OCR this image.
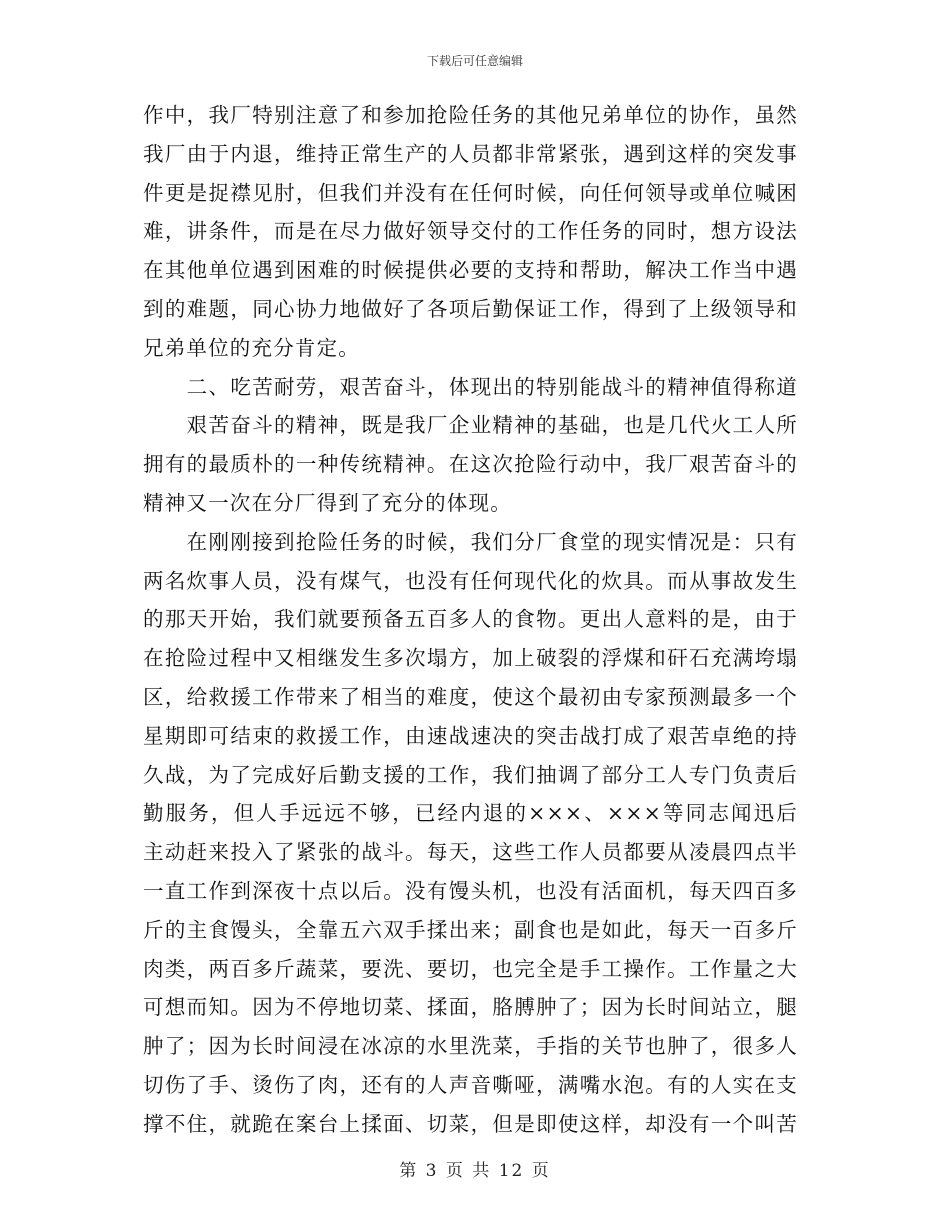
下载后可任意编辑
作中，我厂特别注意了和参加抢险任务的其他兄弟单位的协作，虽然
我厂由于内退，维持正常生产的人员都非常紧张，遇到这样的突发事
件更是捉襟见肘，但我们并没有在任何时候，向任何领导或单位喊困
难，讲条件，而是在尽力做好领导交付的工作任务的同时，想方设法
在其他单位遇到困难的时候提供必要的支持和帮助，解决工作当中遇
到的难题，同心协力地做好了各项后勤保证工作，得到了上级领导和
兄弟单位的充分肯定。
　　二、吃苦耐劳，艰苦奋斗，体现出的特别能战斗的精神值得称道
　　艰苦奋斗的精神，既是我厂企业精神的基础，也是几代火工人所
拥有的最质朴的一种传统精神。在这次抢险行动中，我厂艰苦奋斗的
精神又一次在分厂得到了充分的体现。
　　在刚刚接到抢险任务的时候，我们分厂食堂的现实情况是：只有
两名炊事人员，没有煤气，也没有任何现代化的炊具。而从事故发生
的那天开始，我们就要预备五百多人的食物。更出人意料的是，由于
在抢险过程中又相继发生多次塌方，加上破裂的浮煤和矸石充满垮塌
区，给救援工作带来了相当的难度，使这个最初由专家预测最多一个
星期即可结束的救援工作，由速战速决的突击战打成了艰苦卓绝的持
久战，为了完成好后勤支援的工作，我们抽调了部分工人专门负责后
勤服务，但人手远远不够，已经内退的×××、×××等同志闻迅后
主动赶来投入了紧张的战斗。每天，这些工作人员都要从凌晨四点半
一直工作到深夜十点以后。没有馒头机，也没有活面机，每天四百多
斤的主食馒头，全靠五六双手揉出来；副食也是如此，每天一百多斤
肉类，两百多斤蔬菜，要洗、要切，也完全是手工操作。工作量之大
可想而知。因为不停地切菜、揉面，胳膊肿了；因为长时间站立，腿
肿了；因为长时间浸在冰凉的水里洗菜，手指的关节也肿了，很多人
切伤了手、烫伤了肉，还有的人声音嘶哑，满嘴水泡。有的人实在支
撑不住，就跪在案台上揉面、切菜，但是即使这样，却没有一个叫苦
第 3 页 共 12 页
